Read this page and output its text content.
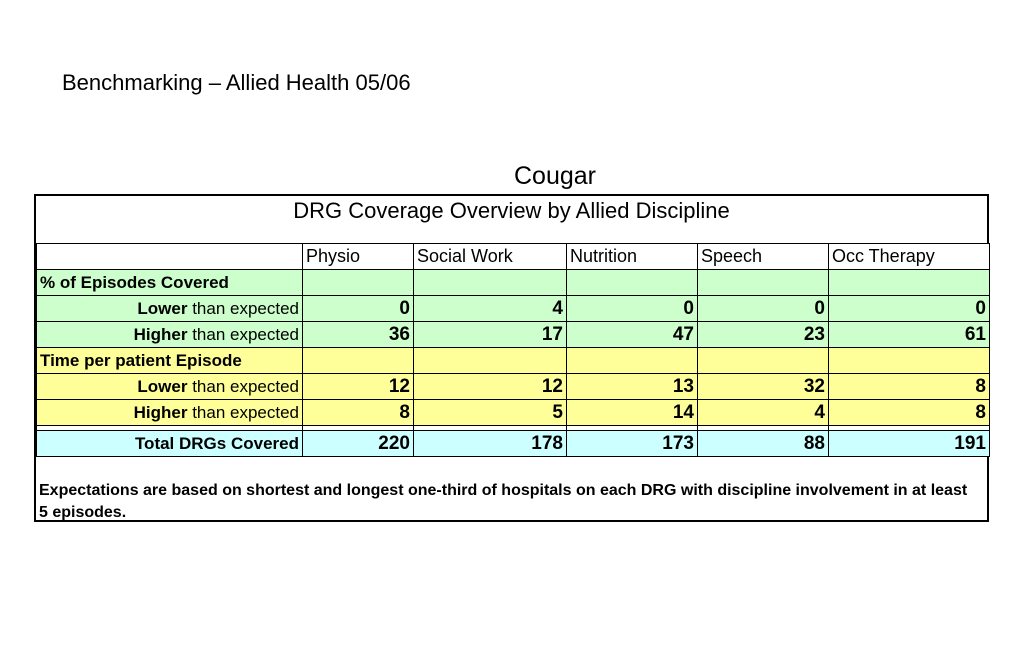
Benchmarking – Allied Health 05/06
Cougar
DRG Coverage Overview by Allied Discipline
	Physio	Social Work	Nutrition	Speech	Occ Therapy
% of Episodes Covered					
Lower than expected	0	4	0	0	0
Higher than expected	36	17	47	23	61
Time per patient Episode					
Lower than expected	12	12	13	32	8
Higher than expected	8	5	14	4	8

Total DRGs Covered	220	178	173	88	191
Expectations are based on shortest and longest one-third of hospitals on each DRG with discipline involvement in at least 5 episodes.
